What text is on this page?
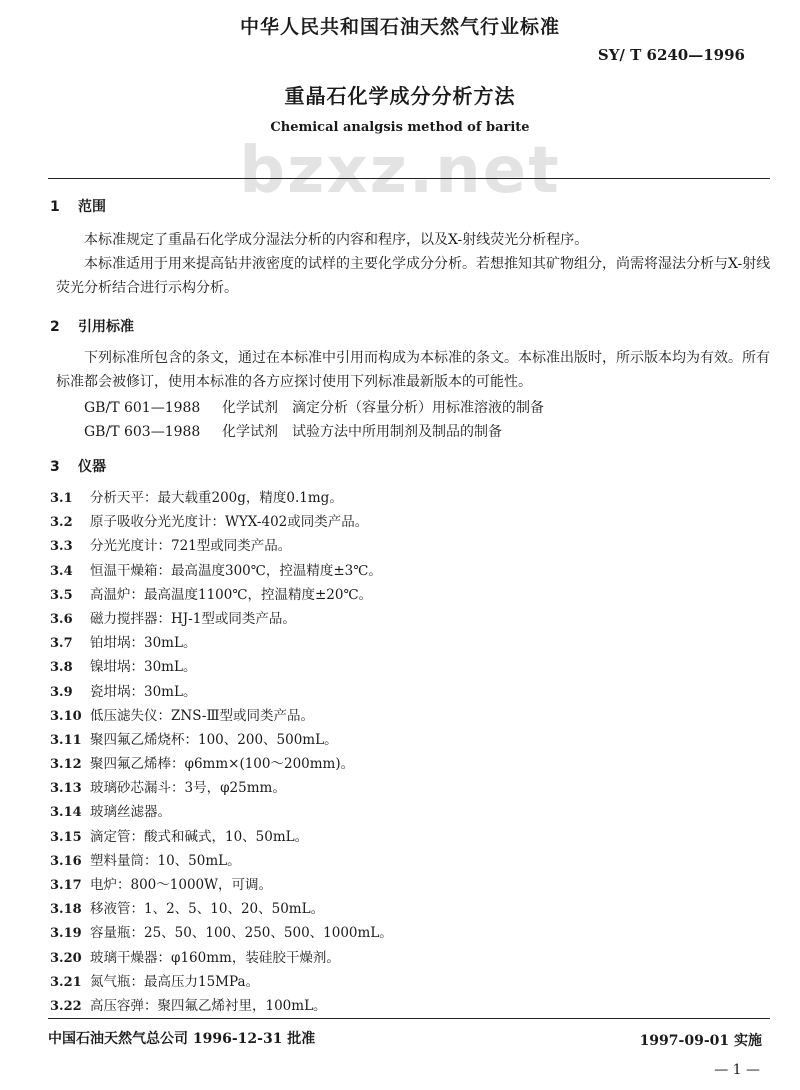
中华人民共和国石油天然气行业标准
SY/ T 6240—1996
重晶石化学成分分析方法
Chemical analgsis method of barite
bzxz.net
1 范围
本标准规定了重晶石化学成分湿法分析的内容和程序，以及X-射线荧光分析程序。
本标准适用于用来提高钻井液密度的试样的主要化学成分分析。若想推知其矿物组分，尚需将湿法分析与X-射线荧光分析结合进行示构分析。
2 引用标准
下列标准所包含的条文，通过在本标准中引用而构成为本标准的条文。本标准出版时，所示版本均为有效。所有标准都会被修订，使用本标准的各方应探讨使用下列标准最新版本的可能性。
GB/T 601—1988 化学试剂　滴定分析（容量分析）用标准溶液的制备
GB/T 603—1988 化学试剂　试验方法中所用制剂及制品的制备
3 仪器
3.1 分析天平：最大载重200g，精度0.1mg。
3.2 原子吸收分光光度计：WYX-402或同类产品。
3.3 分光光度计：721型或同类产品。
3.4 恒温干燥箱：最高温度300℃，控温精度±3℃。
3.5 高温炉：最高温度1100℃，控温精度±20℃。
3.6 磁力搅拌器：HJ-1型或同类产品。
3.7 铂坩埚：30mL。
3.8 镍坩埚：30mL。
3.9 瓷坩埚：30mL。
3.10 低压滤失仪：ZNS-Ⅲ型或同类产品。
3.11 聚四氟乙烯烧杯：100、200、500mL。
3.12 聚四氟乙烯棒：φ6mm×(100～200mm)。
3.13 玻璃砂芯漏斗：3号，φ25mm。
3.14 玻璃丝滤器。
3.15 滴定管：酸式和碱式，10、50mL。
3.16 塑料量筒：10、50mL。
3.17 电炉：800～1000W，可调。
3.18 移液管：1、2、5、10、20、50mL。
3.19 容量瓶：25、50、100、250、500、1000mL。
3.20 玻璃干燥器：φ160mm，装硅胶干燥剂。
3.21 氮气瓶：最高压力15MPa。
3.22 高压容弹：聚四氟乙烯衬里，100mL。
中国石油天然气总公司 1996-12-31 批准	1997-09-01 实施
— 1 —
